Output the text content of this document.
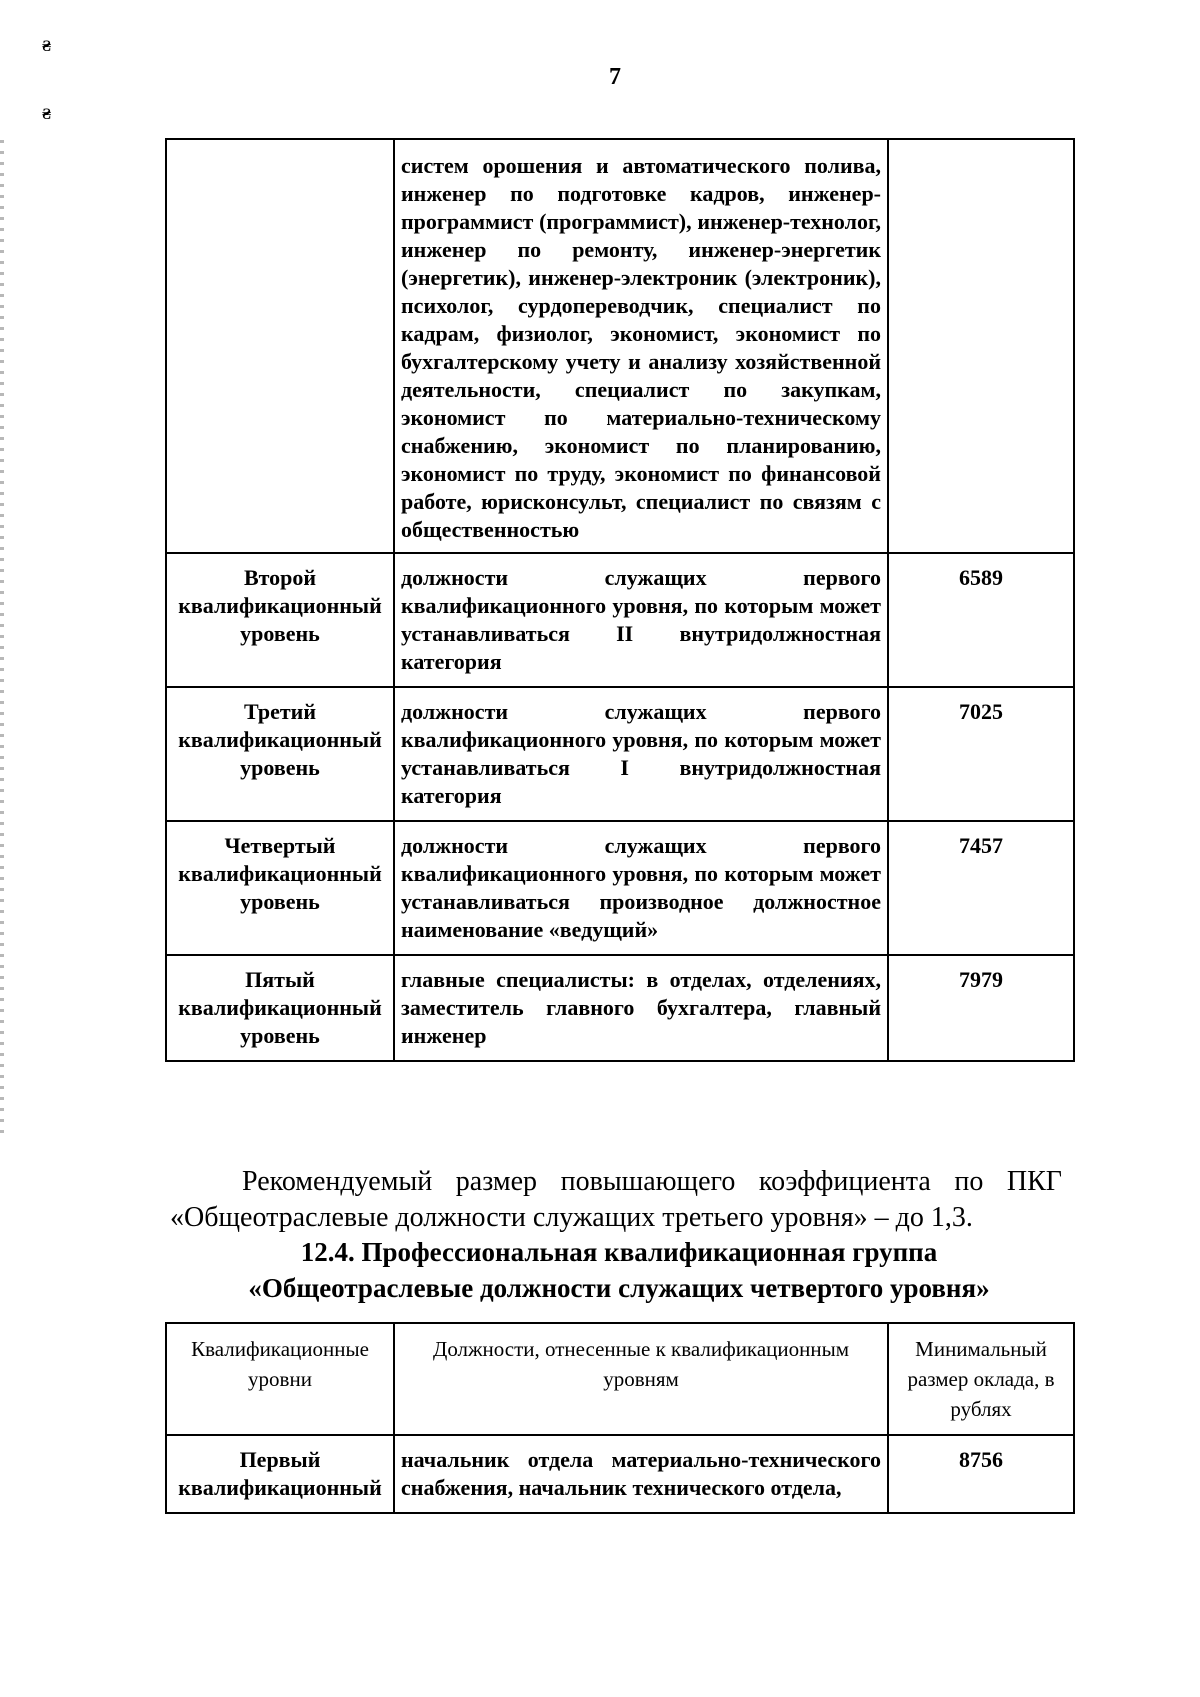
₴
₴
7
	систем орошения и автоматического полива, инженер по подготовке кадров, инженер-программист (программист), инженер-технолог, инженер по ремонту, инженер-энергетик (энергетик), инженер-электроник (электроник), психолог, сурдопереводчик, специалист по кадрам, физиолог, экономист, экономист по бухгалтерскому учету и анализу хозяйственной деятельности, специалист по закупкам, экономист по материально-техническому снабжению, экономист по планированию, экономист по труду, экономист по финансовой работе, юрисконсульт, специалист по связям с общественностью	
Второй квалификационный уровень	должности служащих первого квалификационного уровня, по которым может устанавливаться II внутридолжностная категория	6589
Третий квалификационный уровень	должности служащих первого квалификационного уровня, по которым может устанавливаться I внутридолжностная категория	7025
Четвертый квалификационный уровень	должности служащих первого квалификационного уровня, по которым может устанавливаться производное должностное наименование «ведущий»	7457
Пятый квалификационный уровень	главные специалисты: в отделах, отделениях, заместитель главного бухгалтера, главный инженер	7979

Рекомендуемый размер повышающего коэффициента по ПКГ «Общеотраслевые должности служащих третьего уровня» – до 1,3.

12.4. Профессиональная квалификационная группа
«Общеотраслевые должности служащих четвертого уровня»
Квалификационные уровни	Должности, отнесенные к квалификационным уровням	Минимальный размер оклада, в рублях
Первый квалификационный	начальник отдела материально-технического снабжения, начальник технического отдела,	8756
